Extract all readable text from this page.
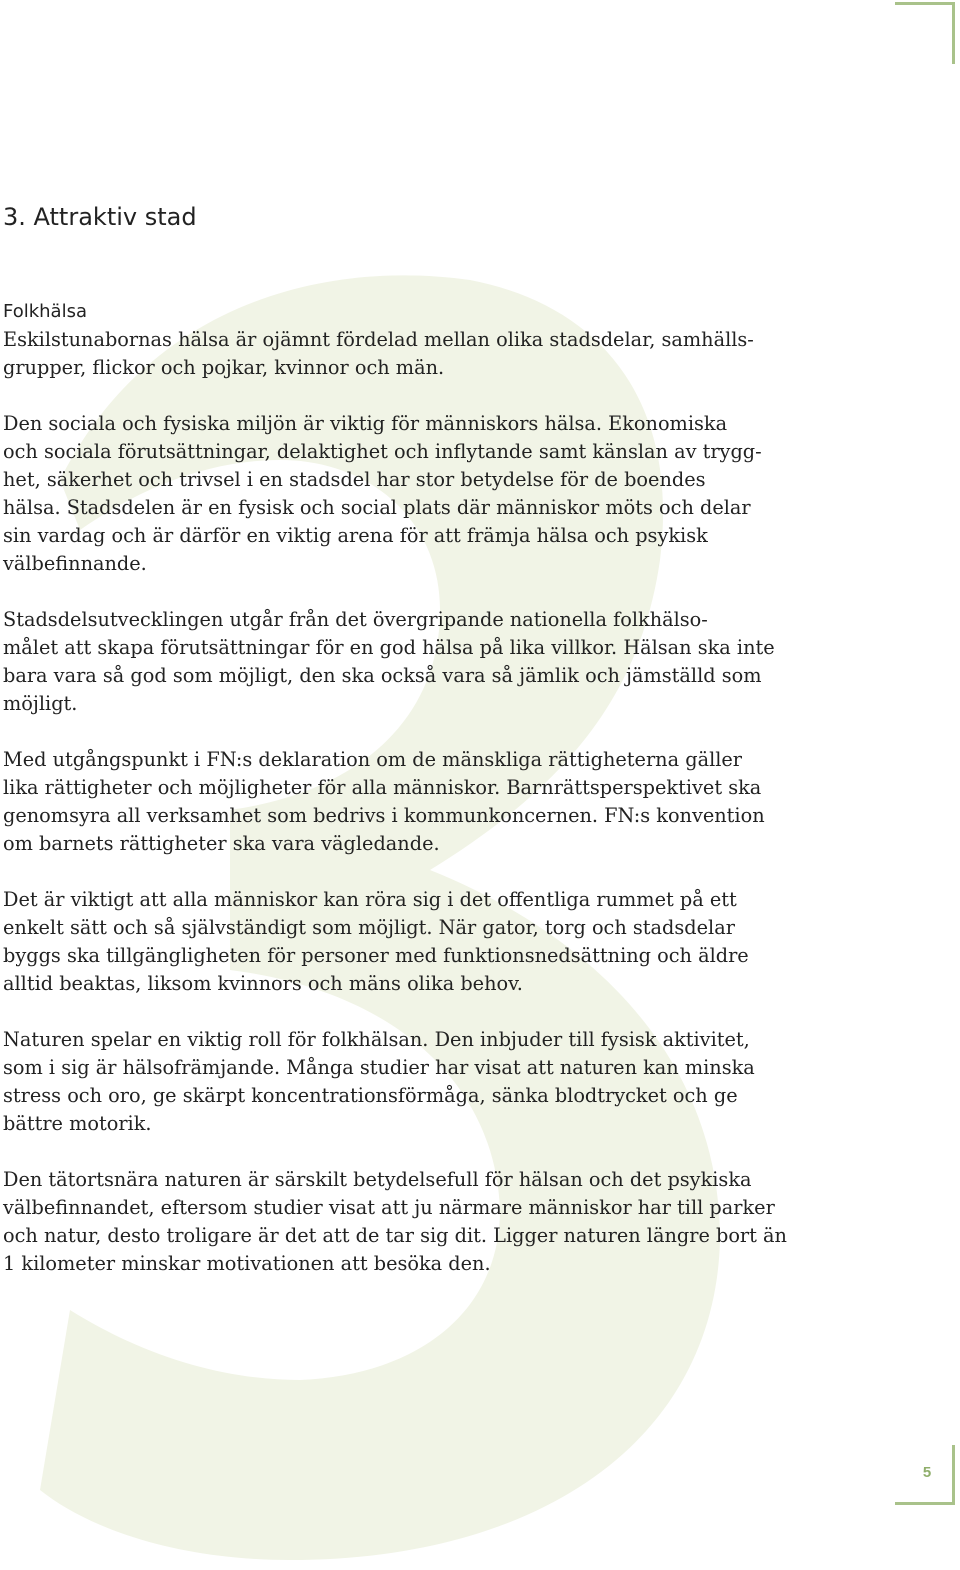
5
3. Attraktiv stad
Folkhälsa

Eskilstunabornas hälsa är ojämnt fördelad mellan olika stadsdelar, samhälls-
grupper, flickor och pojkar, kvinnor och män.

Den sociala och fysiska miljön är viktig för människors hälsa. Ekonomiska
och sociala förutsättningar, delaktighet och inflytande samt känslan av trygg-
het, säkerhet och trivsel i en stadsdel har stor betydelse för de boendes
hälsa. Stadsdelen är en fysisk och social plats där människor möts och delar
sin vardag och är därför en viktig arena för att främja hälsa och psykisk
välbefinnande.

Stadsdelsutvecklingen utgår från det övergripande nationella folkhälso-
målet att skapa förutsättningar för en god hälsa på lika villkor. Hälsan ska inte
bara vara så god som möjligt, den ska också vara så jämlik och jämställd som
möjligt.

Med utgångspunkt i FN:s deklaration om de mänskliga rättigheterna gäller
lika rättigheter och möjligheter för alla människor. Barnrättsperspektivet ska
genomsyra all verksamhet som bedrivs i kommunkoncernen. FN:s konvention
om barnets rättigheter ska vara vägledande.

Det är viktigt att alla människor kan röra sig i det offentliga rummet på ett
enkelt sätt och så självständigt som möjligt. När gator, torg och stadsdelar
byggs ska tillgängligheten för personer med funktionsnedsättning och äldre
alltid beaktas, liksom kvinnors och mäns olika behov.

Naturen spelar en viktig roll för folkhälsan. Den inbjuder till fysisk aktivitet,
som i sig är hälsofrämjande. Många studier har visat att naturen kan minska
stress och oro, ge skärpt koncentrationsförmåga, sänka blodtrycket och ge
bättre motorik.

Den tätortsnära naturen är särskilt betydelsefull för hälsan och det psykiska
välbefinnandet, eftersom studier visat att ju närmare människor har till parker
och natur, desto troligare är det att de tar sig dit. Ligger naturen längre bort än
1 kilometer minskar motivationen att besöka den.
